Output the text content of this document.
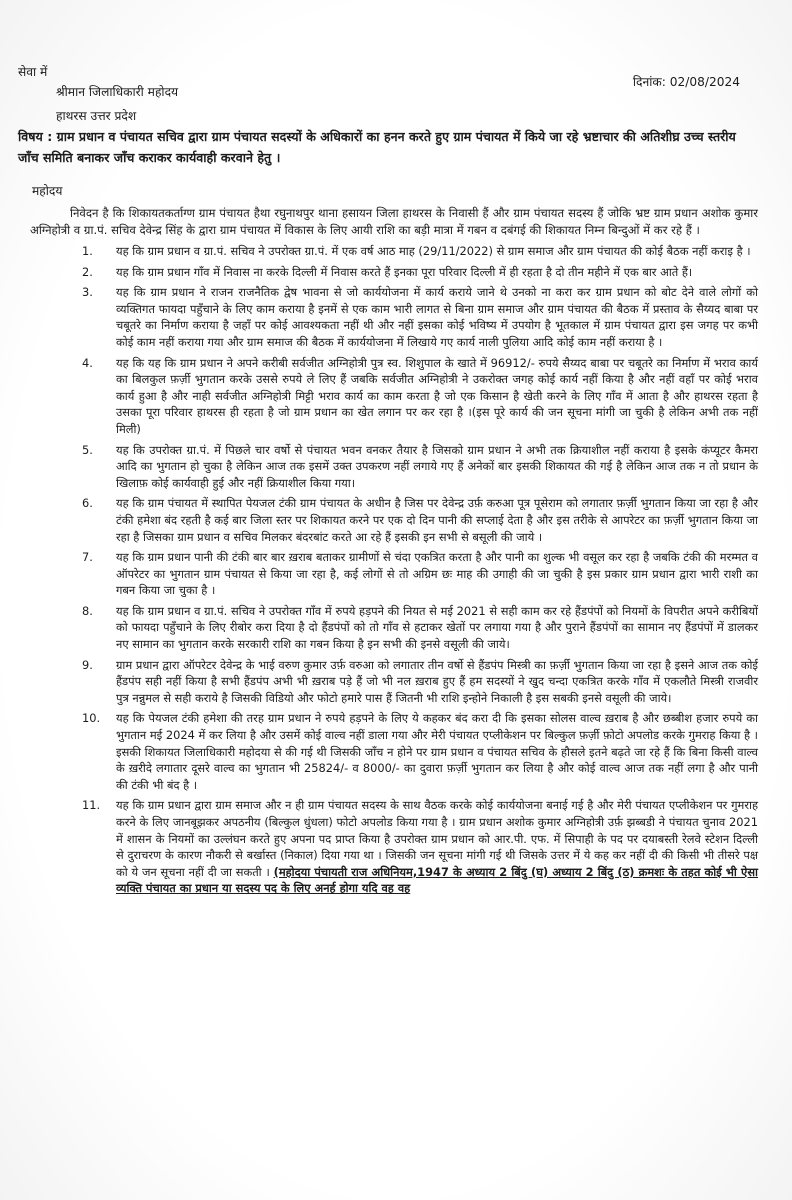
सेवा में
दिनांक: 02/08/2024
श्रीमान जिलाधिकारी महोदय
हाथरस उत्तर प्रदेश
विषय : ग्राम प्रधान व पंचायत सचिव द्वारा ग्राम पंचायत सदस्यों के अधिकारों का हनन करते हुए ग्राम पंचायत में किये जा रहे भ्रष्टाचार की अतिशीघ्र उच्च स्तरीय जाँच समिति बनाकर जाँच कराकर कार्यवाही करवाने हेतु ।
महोदय
निवेदन है कि शिकायतकर्ताग्ण ग्राम पंचायत हैथा रघुनाथपुर थाना हसायन जिला हाथरस के निवासी हैं और ग्राम पंचायत सदस्य हैं जोकि भ्रष्ट ग्राम प्रधान अशोक कुमार अग्निहोत्री व ग्रा.पं. सचिव देवेन्द्र सिंह के द्वारा ग्राम पंचायत में विकास के लिए आयी राशि का बड़ी मात्रा में गबन व दबंगई की शिकायत निम्न बिन्दुओं में कर रहे हैं ।
1. यह कि ग्राम प्रधान व ग्रा.पं. सचिव ने उपरोक्त ग्रा.पं. में एक वर्ष आठ माह (29/11/2022) से ग्राम समाज और ग्राम पंचायत की कोई बैठक नहीं कराइ है ।
2. यह कि ग्राम प्रधान गाँव में निवास ना करके दिल्ली में निवास करते हैं इनका पूरा परिवार दिल्ली में ही रहता है दो तीन महीने में एक बार आते हैं।
3. यह कि ग्राम प्रधान ने राजन राजनैतिक द्वेष भावना से जो कार्ययोजना में कार्य कराये जाने थे उनको ना करा कर ग्राम प्रधान को बोट देने वाले लोगों को व्यक्तिगत फायदा पहुँचाने के लिए काम कराया है इनमें से एक काम भारी लागत से बिना ग्राम समाज और ग्राम पंचायत की बैठक में प्रस्ताव के सैय्यद बाबा पर चबूतरे का निर्माण कराया है जहाँ पर कोई आवश्यकता नहीं थी और नहीं इसका कोई भविष्य में उपयोग है भूतकाल में ग्राम पंचायत द्वारा इस जगह पर कभी कोई काम नहीं कराया गया और ग्राम समाज की बैठक में कार्ययोजना में लिखाये गए कार्य नाली पुलिया आदि कोई काम नहीं कराया है ।
4. यह कि यह कि ग्राम प्रधान ने अपने करीबी सर्वजीत अग्निहोत्री पुत्र स्व. शिशुपाल के खाते में 96912/- रुपये सैय्यद बाबा पर चबूतरे का निर्माण में भराव कार्य का बिलकुल फ़र्ज़ी भुगतान करके उससे रुपये ले लिए हैं जबकि सर्वजीत अग्निहोत्री ने उकरोक्त जगह कोई कार्य नहीं किया है और नहीं वहाँ पर कोई भराव कार्य हुआ है और नाही सर्वजीत अग्निहोत्री मिट्टी भराव कार्य का काम करता है जो एक किसान है खेती करने के लिए गाँव में आता है और हाथरस रहता है उसका पूरा परिवार हाथरस ही रहता है जो ग्राम प्रधान का खेत लगान पर कर रहा है ।(इस पूरे कार्य की जन सूचना मांगी जा चुकी है लेकिन अभी तक नहीं मिली)
5. यह कि उपरोक्त ग्रा.पं. में पिछले चार वर्षो से पंचायत भवन वनकर तैयार है जिसको ग्राम प्रधान ने अभी तक क्रियाशील नहीं कराया है इसके कंप्यूटर कैमरा आदि का भुगतान हो चुका है लेकिन आज तक इसमें उक्त उपकरण नहीं लगाये गए हैं अनेकों बार इसकी शिकायत की गई है लेकिन आज तक न तो प्रधान के खिलाफ़ कोई कार्यवाही हुई और नहीं क्रियाशील किया गया।
6. यह कि ग्राम पंचायत में स्थापित पेयजल टंकी ग्राम पंचायत के अधीन है जिस पर देवेन्द्र उर्फ़ करुआ पूत्र पूसेराम को लगातार फ़र्ज़ी भुगतान किया जा रहा है और टंकी हमेशा बंद रहती है कई बार जिला स्तर पर शिकायत करने पर एक दो दिन पानी की सप्लाई देता है और इस तरीके से आपरेटर का फ़र्ज़ी भुगतान किया जा रहा है जिसका ग्राम प्रधान व सचिव मिलकर बंदरबांट करते आ रहे हैं इसकी इन सभी से बसूली की जाये ।
7. यह कि ग्राम प्रधान पानी की टंकी बार बार ख़राब बताकर ग्रामीणों से चंदा एकत्रित करता है और पानी का शुल्क भी वसूल कर रहा है जबकि टंकी की मरम्मत व ऑपरेटर का भुगतान ग्राम पंचायत से किया जा रहा है, कई लोगों से तो अग्रिम छः माह की उगाही की जा चुकी है इस प्रकार ग्राम प्रधान द्वारा भारी राशी का गबन किया जा चुका है ।
8. यह कि ग्राम प्रधान व ग्रा.पं. सचिव ने उपरोक्त गाँव में रुपये हड़पने की नियत से मई 2021 से सही काम कर रहे हैंडपंपों को नियमों के विपरीत अपने करीबियों को फायदा पहुँचाने के लिए रीबोर करा दिया है दो हैंडपंपों को तो गाँव से हटाकर खेतों पर लगाया गया है और पुराने हैंडपंपों का सामान नए हैंडपंपों में डालकर नए सामान का भुगतान करके सरकारी राशि का गबन किया है इन सभी की इनसे वसूली की जाये।
9. ग्राम प्रधान द्वारा ऑपरेटर देवेन्द्र के भाई वरुण कुमार उर्फ़ वरुआ को लगातार तीन वर्षो से हैंडपंप मिस्त्री का फ़र्ज़ी भुगतान किया जा रहा है इसने आज तक कोई हैंडपंप सही नहीं किया है सभी हैंडपंप अभी भी ख़राब पड़े हैं जो भी नल ख़राब हुए हैं हम सदस्यों ने खुद चन्दा एकत्रित करके गाँव में एकलौते मिस्त्री राजवीर पुत्र नन्नुमल से सही कराये है जिसकी विडियो और फोटो हमारे पास हैं जितनी भी राशि इन्होने निकाली है इस सबकी इनसे वसूली की जाये।
10. यह कि पेयजल टंकी हमेशा की तरह ग्राम प्रधान ने रुपये हड़पने के लिए ये कहकर बंद करा दी कि इसका सोलस वाल्व ख़राब है और छब्बीश हजार रुपये का भुगतान मई 2024 में कर लिया है और उसमें कोई वाल्व नहीं डाला गया और मेरी पंचायत एप्लीकेशन पर बिल्कुल फ़र्ज़ी फ़ोटो अपलोड करके गुमराह किया है । इसकी शिकायत जिलाधिकारी महोदया से की गई थी जिसकी जाँच न होने पर ग्राम प्रधान व पंचायत सचिव के हौसले इतने बढ़ते जा रहे हैं कि बिना किसी वाल्व के ख़रीदे लगातार दूसरे वाल्व का भुगतान भी 25824/- व 8000/- का दुवारा फ़र्ज़ी भुगतान कर लिया है और कोई वाल्व आज तक नहीं लगा है और पानी की टंकी भी बंद है ।
11. यह कि ग्राम प्रधान द्वारा ग्राम समाज और न ही ग्राम पंचायत सदस्य के साथ वैठक करके कोई कार्ययोजना बनाई गई है और मेरी पंचायत एप्लीकेशन पर गुमराह करने के लिए जानबूझकर अपठनीय (बिल्कुल धुंधला) फोटो अपलोड किया गया है । ग्राम प्रधान अशोक कुमार अग्निहोत्री उर्फ़ झब्बडी ने पंचायत चुनाव 2021 में शासन के नियमों का उल्लंघन करते हुए अपना पद प्राप्त किया है उपरोक्त ग्राम प्रधान को आर.पी. एफ. में सिपाही के पद पर दयाबस्ती रेलवे स्टेशन दिल्ली से दुराचरण के कारण नौकरी से बर्खास्त (निकाल) दिया गया था । जिसकी जन सूचना मांगी गई थी जिसके उत्तर में ये कह कर नहीं दी की किसी भी तीसरे पक्ष को ये जन सूचना नहीं दी जा सकती । (महोदया पंचायती राज अधिनियम,1947 के अध्याय 2 बिंदु (घ) अध्याय 2 बिंदु (ठ) क्रमशः के तहत कोई भी ऐसा व्यक्ति पंचायत का प्रधान या सदस्य पद के लिए अनर्ह होगा यदि वह वह
